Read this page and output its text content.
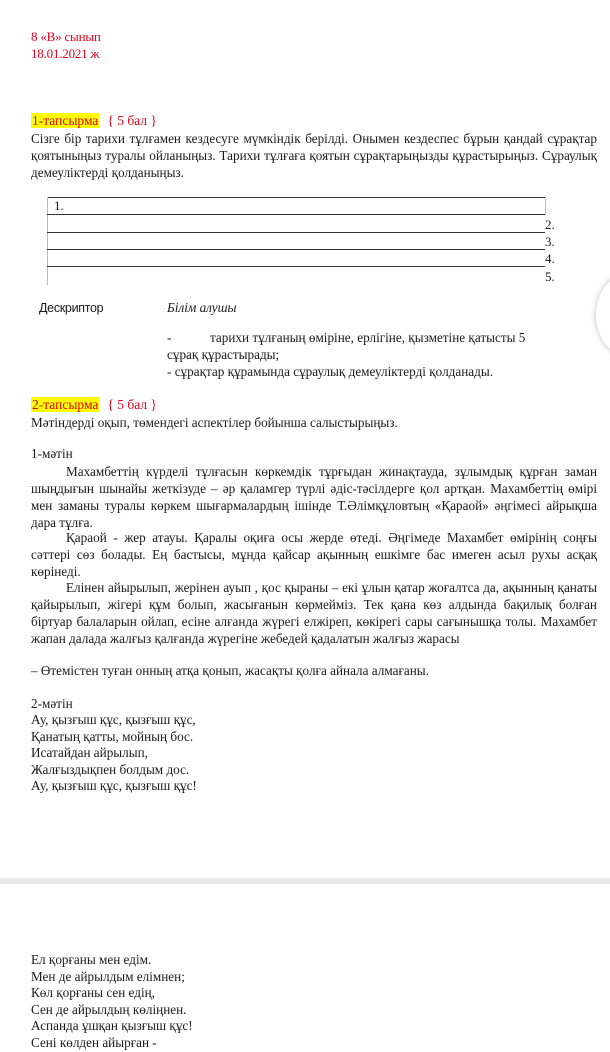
8 «В» сынып
18.01.2021 ж
1-тапсырма { 5 бал }

Сізге бір тарихи тұлғамен кездесуге мүмкіндік берілді. Онымен кездеспес бұрын қандай сұрақтар қоятыныңыз туралы ойланыңыз. Тарихи тұлғаға қоятын сұрақтарыңызды құрастырыңыз. Сұраулық демеуліктерді қолданыңыз.

1.
2.
3.
4.
5.
Дескриптор	Білім алушы
-	тарихи тұлғаның өміріне, ерлігіне, қызметіне қатысты 5
сұрақ құрастырады;
- сұрақтар құрамында сұраулық демеуліктерді қолданады.
2-тапсырма { 5 бал }
Мәтіндерді оқып, төмендегі аспектілер бойынша салыстырыңыз.
1-мәтін

Махамбеттің күрделі тұлғасын көркемдік тұрғыдан жинақтауда, зұлымдық құрған заман шыңдығын шынайы жеткізуде – әр қаламгер түрлі әдіс-тәсілдерге қол артқан. Махамбеттің өмірі мен заманы туралы көркем шығармалардың ішінде Т.Әлімқұловтың «Қараой» әңгімесі айрықша дара тұлға.

Қараой - жер атауы. Қаралы оқиға осы жерде өтеді. Әңгімеде Махамбет өмірінің соңғы сәттері сөз болады. Ең бастысы, мұнда қайсар ақынның ешкімге бас имеген асыл рухы асқақ көрінеді.

Елінен айырылып, жерінен ауып , қос қыраны – екі ұлын қатар жоғалтса да, ақынның қанаты қайырылып, жігері құм болып, жасығанын көрмейміз. Тек қана көз алдында бақилық болған біртуар балаларын ойлап, есіне алғанда жүрегі елжіреп, көкірегі сары сағынышқа толы. Махамбет жапан далада жалғыз қалғанда жүрегіне жебедей қадалатын жалғыз жарасы

– Өтемістен туған онның атқа қонып, жасақты қолға айнала алмағаны.
2-мәтін
Ау, қызғыш құс, қызғыш құс,
Қанатың қатты, мойның бос.
Исатайдан айрылып,
Жалғыздықпен болдым дос.
Ау, қызғыш құс, қызғыш құс!
Ел қорғаны мен едім.
Мен де айрылдым елімнен;
Көл қорғаны сен едің,
Сен де айрылдың көліңнен.
Аспанда ұшқан қызғыш құс!
Сені көлден айырған -
